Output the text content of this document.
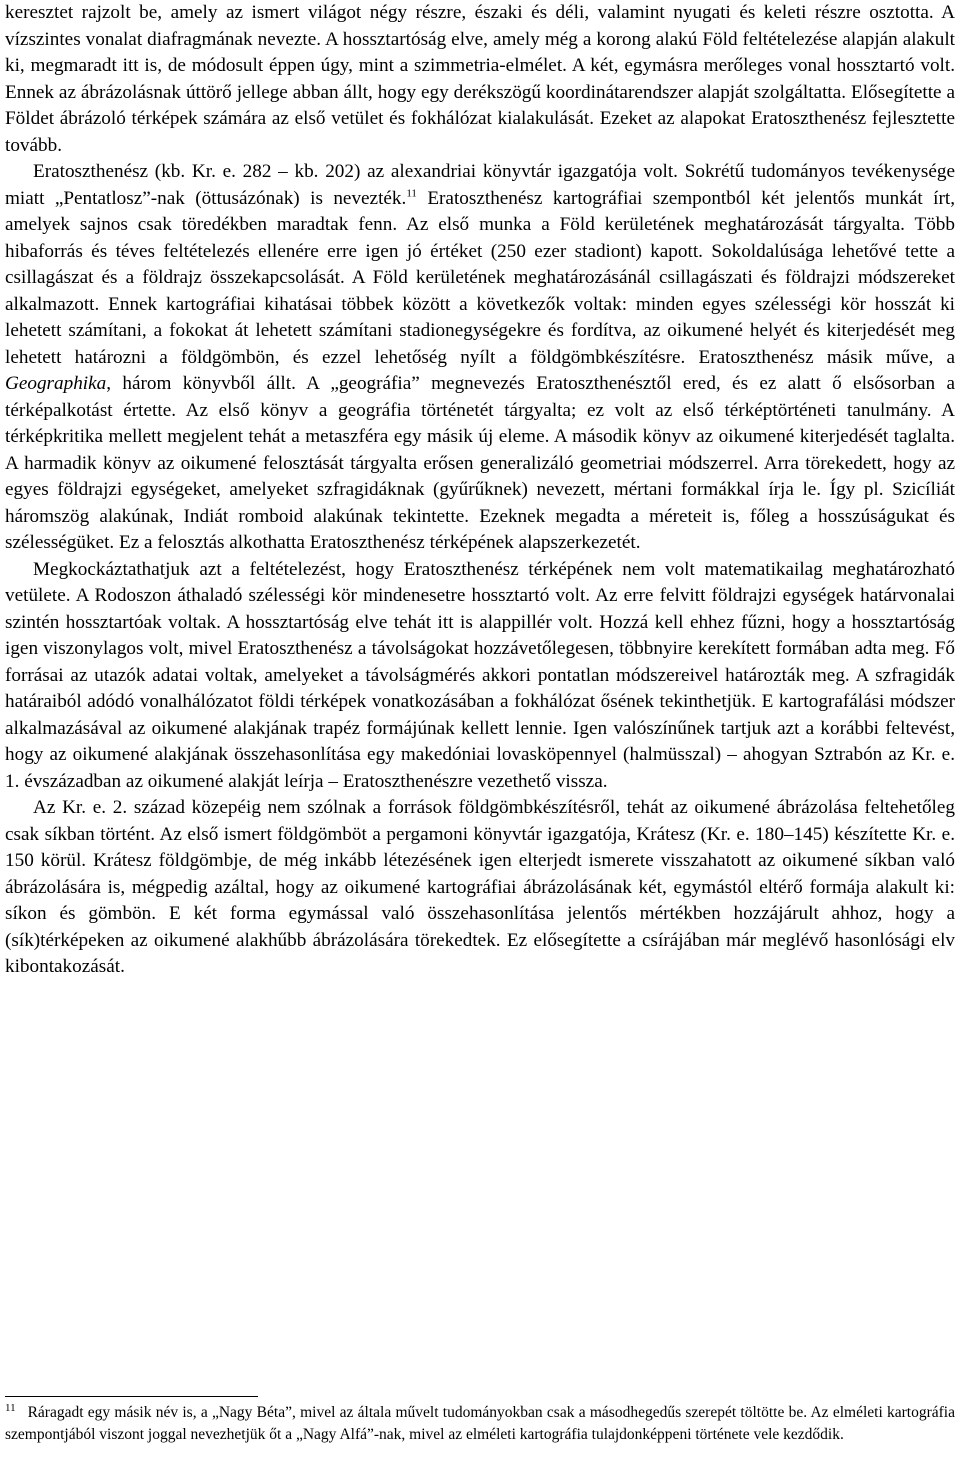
keresztet rajzolt be, amely az ismert világot négy részre, északi és déli, valamint nyugati és keleti részre osztotta. A vízszintes vonalat diafragmának nevezte. A hossztartóság elve, amely még a korong alakú Föld feltételezése alapján alakult ki, megmaradt itt is, de módosult éppen úgy, mint a szimmetria-elmélet. A két, egymásra merőleges vonal hossztartó volt. Ennek az ábrázolásnak úttörő jellege abban állt, hogy egy derékszögű koordinátarendszer alapját szolgáltatta. Elősegítette a Földet ábrázoló térképek számára az első vetület és fokhálózat kialakulását. Ezeket az alapokat Eratoszthenész fejlesztette tovább.

Eratoszthenész (kb. Kr. e. 282 – kb. 202) az alexandriai könyvtár igazgatója volt. Sokrétű tudományos tevékenysége miatt „Pentatlosz”-nak (öttusázónak) is nevezték.$^{11}$ Eratoszthenész kartográfiai szempontból két jelentős munkát írt, amelyek sajnos csak töredékben maradtak fenn. Az első munka a Föld kerületének meghatározását tárgyalta. Több hibaforrás és téves feltételezés ellenére erre igen jó értéket (250 ezer stadiont) kapott. Sokoldalúsága lehetővé tette a csillagászat és a földrajz összekapcsolását. A Föld kerületének meghatározásánál csillagászati és földrajzi módszereket alkalmazott. Ennek kartográfiai kihatásai többek között a következők voltak: minden egyes szélességi kör hosszát ki lehetett számítani, a fokokat át lehetett számítani stadionegységekre és fordítva, az oikumené helyét és kiterjedését meg lehetett határozni a földgömbön, és ezzel lehetőség nyílt a földgömbkészítésre. Eratoszthenész másik műve, a Geographika, három könyvből állt. A „geográfia” megnevezés Eratoszthenésztől ered, és ez alatt ő elsősorban a térképalkotást értette. Az első könyv a geográfia történetét tárgyalta; ez volt az első térképtörténeti tanulmány. A térképkritika mellett megjelent tehát a metaszféra egy másik új eleme. A második könyv az oikumené kiterjedését taglalta. A harmadik könyv az oikumené felosztását tárgyalta erősen generalizáló geometriai módszerrel. Arra törekedett, hogy az egyes földrajzi egységeket, amelyeket szfragidáknak (gyűrűknek) nevezett, mértani formákkal írja le. Így pl. Szicíliát háromszög alakúnak, Indiát romboid alakúnak tekintette. Ezeknek megadta a méreteit is, főleg a hosszúságukat és szélességüket. Ez a felosztás alkothatta Eratoszthenész térképének alapszerkezetét.

Megkockáztathatjuk azt a feltételezést, hogy Eratoszthenész térképének nem volt matematikailag meghatározható vetülete. A Rodoszon áthaladó szélességi kör mindenesetre hossztartó volt. Az erre felvitt földrajzi egységek határvonalai szintén hossztartóak voltak. A hossztartóság elve tehát itt is alappillér volt. Hozzá kell ehhez fűzni, hogy a hossztartóság igen viszonylagos volt, mivel Eratoszthenész a távolságokat hozzávetőlegesen, többnyire kerekített formában adta meg. Fő forrásai az utazók adatai voltak, amelyeket a távolságmérés akkori pontatlan módszereivel határozták meg. A szfragidák határaiból adódó vonalhálózatot földi térképek vonatkozásában a fokhálózat ősének tekinthetjük. E kartografálási módszer alkalmazásával az oikumené alakjának trapéz formájúnak kellett lennie. Igen valószínűnek tartjuk azt a korábbi feltevést, hogy az oikumené alakjának összehasonlítása egy makedóniai lovasköpennyel (halmüsszal) – ahogyan Sztrabón az Kr. e. 1. évszázadban az oikumené alakját leírja – Eratoszthenészre vezethető vissza.

Az Kr. e. 2. század közepéig nem szólnak a források földgömbkészítésről, tehát az oikumené ábrázolása feltehetőleg csak síkban történt. Az első ismert földgömböt a pergamoni könyvtár igazgatója, Krátesz (Kr. e. 180–145) készítette Kr. e. 150 körül. Krátesz földgömbje, de még inkább létezésének igen elterjedt ismerete visszahatott az oikumené síkban való ábrázolására is, mégpedig azáltal, hogy az oikumené kartográfiai ábrázolásának két, egymástól eltérő formája alakult ki: síkon és gömbön. E két forma egymással való összehasonlítása jelentős mértékben hozzájárult ahhoz, hogy a (sík)térképeken az oikumené alakhűbb ábrázolására törekedtek. Ez elősegítette a csírájában már meglévő hasonlósági elv kibontakozását.

$^{11}$ Ráragadt egy másik név is, a „Nagy Béta”, mivel az általa művelt tudományokban csak a másodhegedűs szerepét töltötte be. Az elméleti kartográfia szempontjából viszont joggal nevezhetjük őt a „Nagy Alfá”-nak, mivel az elméleti kartográfia tulajdonképpeni története vele kezdődik.
